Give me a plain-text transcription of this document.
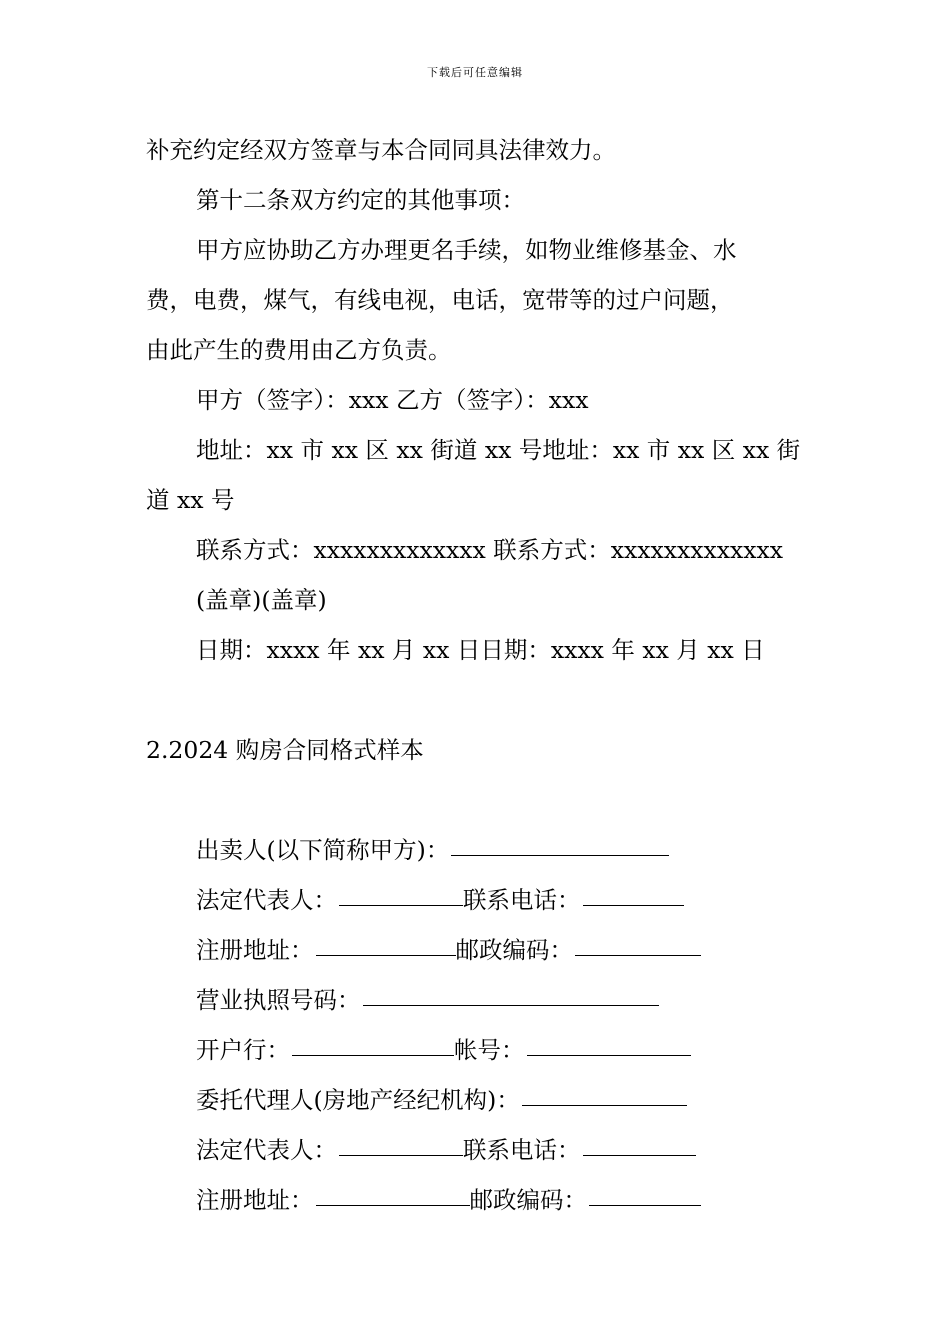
下载后可任意编辑
补充约定经双方签章与本合同同具法律效力。
第十二条双方约定的其他事项：
甲方应协助乙方办理更名手续，如物业维修基金、水
费，电费，煤气，有线电视，电话，宽带等的过户问题，
由此产生的费用由乙方负责。
甲方（签字）：xxx 乙方（签字）：xxx
地址：xx 市 xx 区 xx 街道 xx 号地址：xx 市 xx 区 xx 街
道 xx 号
联系方式：xxxxxxxxxxxxx 联系方式：xxxxxxxxxxxxx
(盖章)(盖章)
日期：xxxx 年 xx 月 xx 日日期：xxxx 年 xx 月 xx 日
2.2024 购房合同格式样本
出卖人(以下简称甲方)：
法定代表人：	联系电话：
注册地址：	邮政编码：
营业执照号码：
开户行：	帐号：
委托代理人(房地产经纪机构)：
法定代表人：	联系电话：
注册地址：	邮政编码：
